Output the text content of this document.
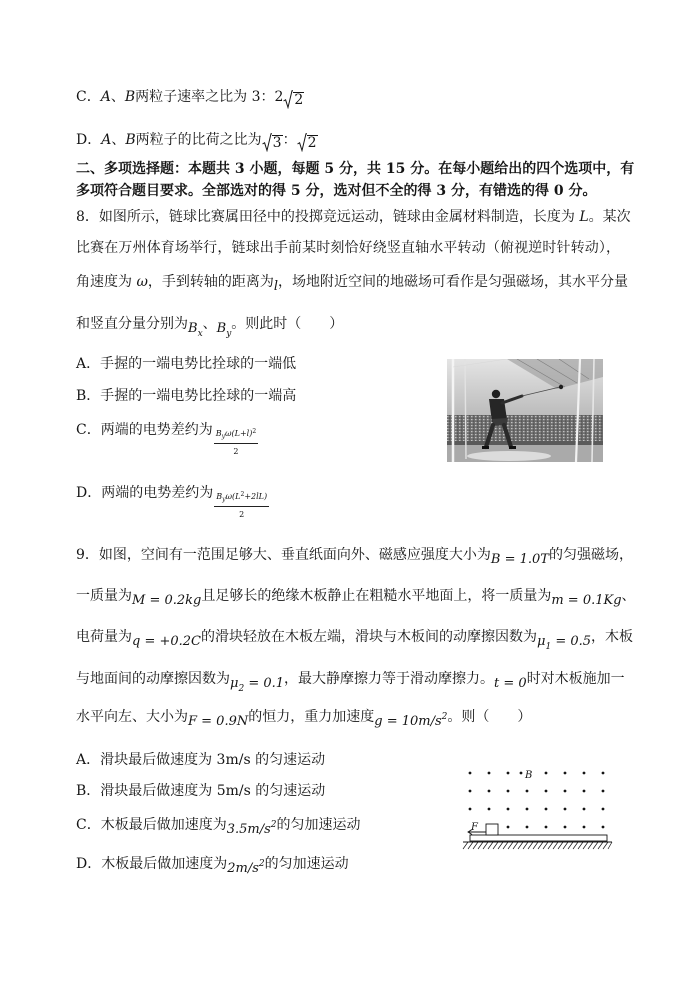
C．A、B两粒子速率之比为 3：2 2
D．A、B两粒子的比荷之比为 3： 2
二、多项选择题：本题共 3 小题，每题 5 分，共 15 分。在每小题给出的四个选项中，有
多项符合题目要求。全部选对的得 5 分，选对但不全的得 3 分，有错选的得 0 分。
8．如图所示，链球比赛属田径中的投掷竞远运动，链球由金属材料制造，长度为 L。某次
比赛在万州体育场举行，链球出手前某时刻恰好绕竖直轴水平转动（俯视逆时针转动），
角速度为 ω，手到转轴的距离为l，场地附近空间的地磁场可看作是匀强磁场，其水平分量
和竖直分量分别为$B_x$、$B_y$。则此时（　　）
A．手握的一端电势比拴球的一端低
B．手握的一端电势比拴球的一端高
C．两端的电势差约为 $\frac{B_y\omega(L+l)^2}{2}$
D．两端的电势差约为 $\frac{B_y\omega(L^2+2lL)}{2}$
9．如图，空间有一范围足够大、垂直纸面向外、磁感应强度大小为B = 1.0T的匀强磁场，
一质量为M = 0.2kg且足够长的绝缘木板静止在粗糙水平地面上，将一质量为m = 0.1Kg、
电荷量为q = +0.2C的滑块轻放在木板左端，滑块与木板间的动摩擦因数为$\mu_1 = 0.5$，木板
与地面间的动摩擦因数为$\mu_2 = 0.1$，最大静摩擦力等于滑动摩擦力。t = 0时对木板施加一
水平向左、大小为F = 0.9N的恒力，重力加速度$g = 10m/s^2$。则（　　）
A．滑块最后做速度为 3m/s 的匀速运动
B．滑块最后做速度为 5m/s 的匀速运动
C．木板最后做加速度为$3.5m/s^2$的匀加速运动
D．木板最后做加速度为$2m/s^2$的匀加速运动
B
F
